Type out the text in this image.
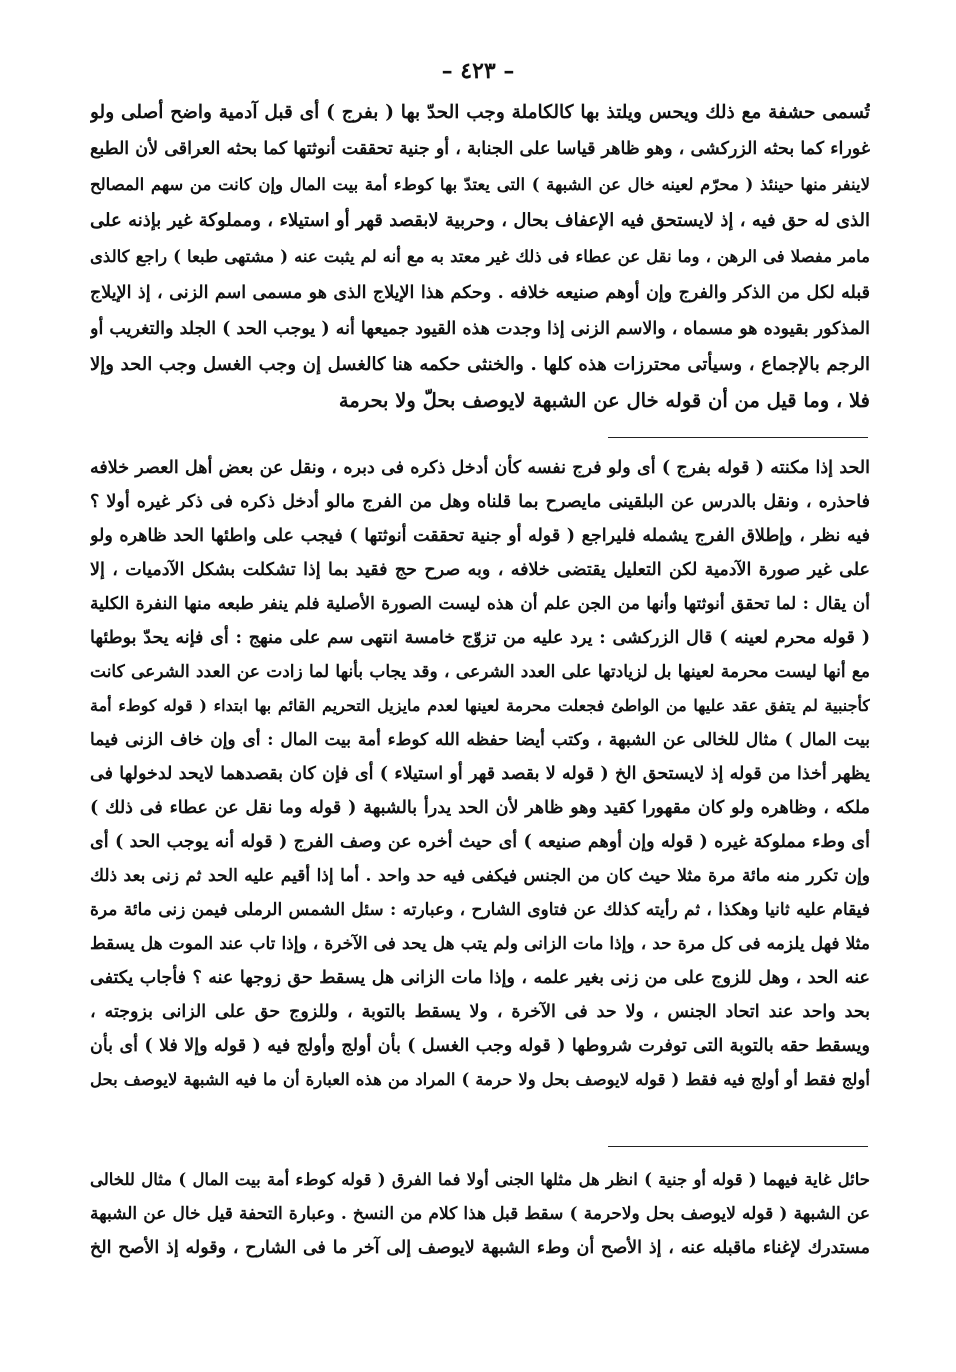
– ٤٢٣ –
تُسمى حشفة مع ذلك ويحس ويلتذ بها كالكاملة وجب الحدّ بها ( بفرج ) أى قبل آدمية واضح أصلى ولو
غوراء كما بحثه الزركشى ، وهو ظاهر قياسا على الجنابة ، أو جنية تحققت أنوثتها كما بحثه العراقى لأن الطبع
لاينفر منها حينئذ ( محرّم لعينه خال عن الشبهة ) التى يعتدّ بها كوطء أمة بيت المال وإن كانت من سهم المصالح
الذى له حق فيه ، إذ لايستحق فيه الإعفاف بحال ، وحربية لابقصد قهر أو استيلاء ، ومملوكة غير بإذنه على
مامر مفصلا فى الرهن ، وما نقل عن عطاء فى ذلك غير معتد به مع أنه لم يثبت عنه ( مشتهى طبعا ) راجع كالذى
قبله لكل من الذكر والفرج وإن أوهم صنيعه خلافه . وحكم هذا الإيلاج الذى هو مسمى اسم الزنى ، إذ الإيلاج
المذكور بقيوده هو مسماه ، والاسم الزنى إذا وجدت هذه القيود جميعها أنه ( يوجب الحد ) الجلد والتغريب أو
الرجم بالإجماع ، وسيأتى محترزات هذه كلها . والخنثى حكمه هنا كالغسل إن وجب الغسل وجب الحد وإلا
فلا ، وما قيل من أن قوله خال عن الشبهة لايوصف بحلّ ولا بحرمة
الحد إذا مكنته ( قوله بفرج ) أى ولو فرج نفسه كأن أدخل ذكره فى دبره ، ونقل عن بعض أهل العصر خلافه
فاحذره ، ونقل بالدرس عن البلقينى مايصرح بما قلناه وهل من الفرج مالو أدخل ذكره فى ذكر غيره أولا ؟
فيه نظر ، وإطلاق الفرج يشمله فليراجع ( قوله أو جنية تحققت أنوثتها ) فيجب على واطئها الحد ظاهره ولو
على غير صورة الآدمية لكن التعليل يقتضى خلافه ، وبه صرح حج فقيد بما إذا تشكلت بشكل الآدميات ، إلا
أن يقال : لما تحقق أنوثتها وأنها من الجن علم أن هذه ليست الصورة الأصلية فلم ينفر طبعه منها النفرة الكلية
( قوله محرم لعينه ) قال الزركشى : يرد عليه من تزوّج خامسة انتهى سم على منهج : أى فإنه يحدّ بوطئها
مع أنها ليست محرمة لعينها بل لزيادتها على العدد الشرعى ، وقد يجاب بأنها لما زادت عن العدد الشرعى كانت
كأجنبية لم يتفق عقد عليها من الواطئ فجعلت محرمة لعينها لعدم مايزيل التحريم القائم بها ابتداء ( قوله كوطء أمة
بيت المال ) مثال للخالى عن الشبهة ، وكتب أيضا حفظه الله كوطء أمة بيت المال : أى وإن خاف الزنى فيما
يظهر أخذا من قوله إذ لايستحق الخ ( قوله لا بقصد قهر أو استيلاء ) أى فإن كان بقصدهما لايحد لدخولها فى
ملكه ، وظاهره ولو كان مقهورا كقيد وهو ظاهر لأن الحد يدرأ بالشبهة ( قوله وما نقل عن عطاء فى ذلك )
أى وطء مملوكة غيره ( قوله وإن أوهم صنيعه ) أى حيث أخره عن وصف الفرج ( قوله أنه يوجب الحد ) أى
وإن تكرر منه مائة مرة مثلا حيث كان من الجنس فيكفى فيه حد واحد . أما إذا أقيم عليه الحد ثم زنى بعد ذلك
فيقام عليه ثانيا وهكذا ، ثم رأيته كذلك عن فتاوى الشارح ، وعبارته : سئل الشمس الرملى فيمن زنى مائة مرة
مثلا فهل يلزمه فى كل مرة حد ، وإذا مات الزانى ولم يتب هل يحد فى الآخرة ، وإذا تاب عند الموت هل يسقط
عنه الحد ، وهل للزوج على من زنى بغير علمه ، وإذا مات الزانى هل يسقط حق زوجها عنه ؟ فأجاب يكتفى
بحد واحد عند اتحاد الجنس ، ولا حد فى الآخرة ، ولا يسقط بالتوبة ، وللزوج حق على الزانى بزوجته ،
ويسقط حقه بالتوبة التى توفرت شروطها ( قوله وجب الغسل ) بأن أولج وأولج فيه ( قوله وإلا فلا ) أى بأن
أولج فقط أو أولج فيه فقط ( قوله لايوصف بحل ولا حرمة ) المراد من هذه العبارة أن ما فيه الشبهة لايوصف بحل
حائل غاية فيهما ( قوله أو جنية ) انظر هل مثلها الجنى أولا فما الفرق ( قوله كوطء أمة بيت المال ) مثال للخالى
عن الشبهة ( قوله لايوصف بحل ولاحرمة ) سقط قبل هذا كلام من النسخ . وعبارة التحفة قيل خال عن الشبهة
مستدرك لإغناء ماقبله عنه ، إذ الأصح أن وطء الشبهة لايوصف إلى آخر ما فى الشارح ، وقوله إذ الأصح الخ
